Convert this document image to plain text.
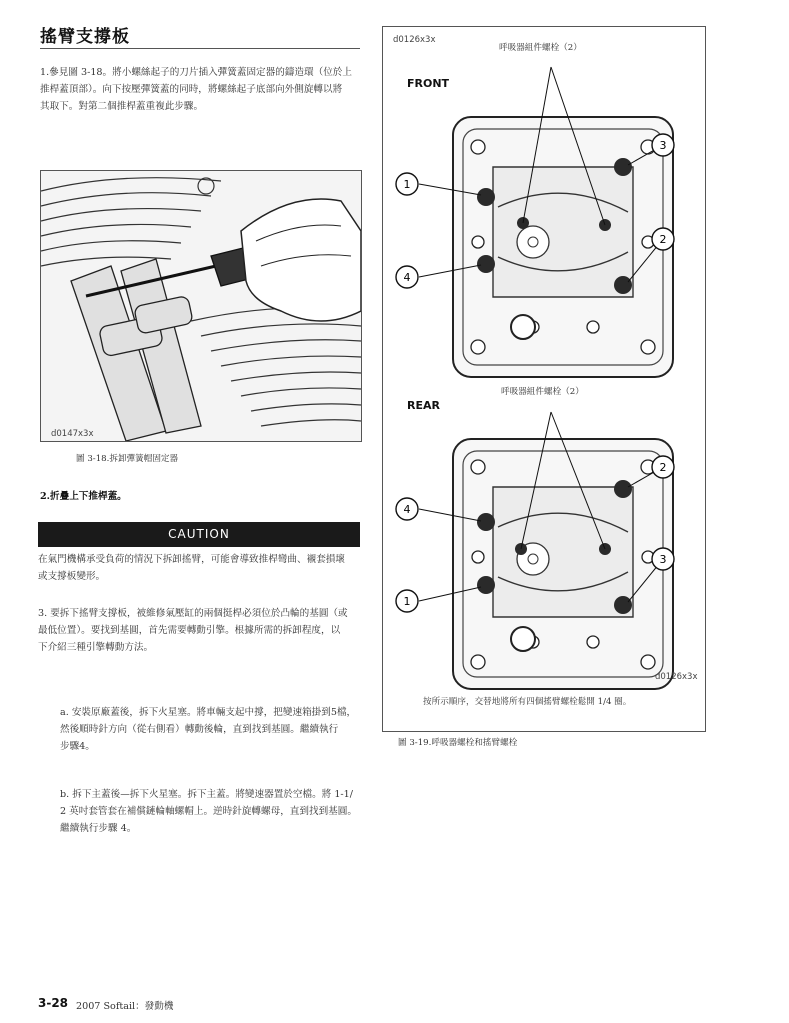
搖臂支撐板
1.參見圖 3-18。將小螺絲起子的刀片插入彈簧蓋固定器的鑄造環（位於上
推桿蓋頂部）。向下按壓彈簧蓋的同時，將螺絲起子底部向外側旋轉以將
其取下。對第二個推桿蓋重複此步驟。
d0147x3x
圖 3-18.拆卸彈簧帽固定器
2.折疊上下推桿蓋。
CAUTION
在氣門機構承受負荷的情況下拆卸搖臂，可能會導致推桿彎曲、襯套損壞
或支撐板變形。
3. 要拆下搖臂支撐板，被維修氣壓缸的兩個挺桿必須位於凸輪的基圓（或
最低位置）。要找到基圓，首先需要轉動引擎。根據所需的拆卸程度，以
下介紹三種引擎轉動方法。
a. 安裝原廠蓋後，拆下火星塞。將車輛支起中撐，把變速箱掛到5檔，
然後順時針方向（從右側看）轉動後輪，直到找到基圓。繼續執行
步驟4。
b. 拆下主蓋後—拆下火星塞。拆下主蓋。將變速器置於空檔。將 1-1/
2 英吋套管套在補償鏈輪軸螺帽上。逆時針旋轉螺母，直到找到基圓。
繼續執行步驟 4。
d0126x3x
呼吸器組件螺栓（2）
FRONT
1
2
3
4
1
2
3
4
呼吸器組件螺栓（2）
REAR
d0126x3x
按所示順序，交替地將所有四個搖臂螺栓鬆開 1/4 圈。
圖 3-19.呼吸器螺栓和搖臂螺栓
3-28 2007 Softail：發動機
